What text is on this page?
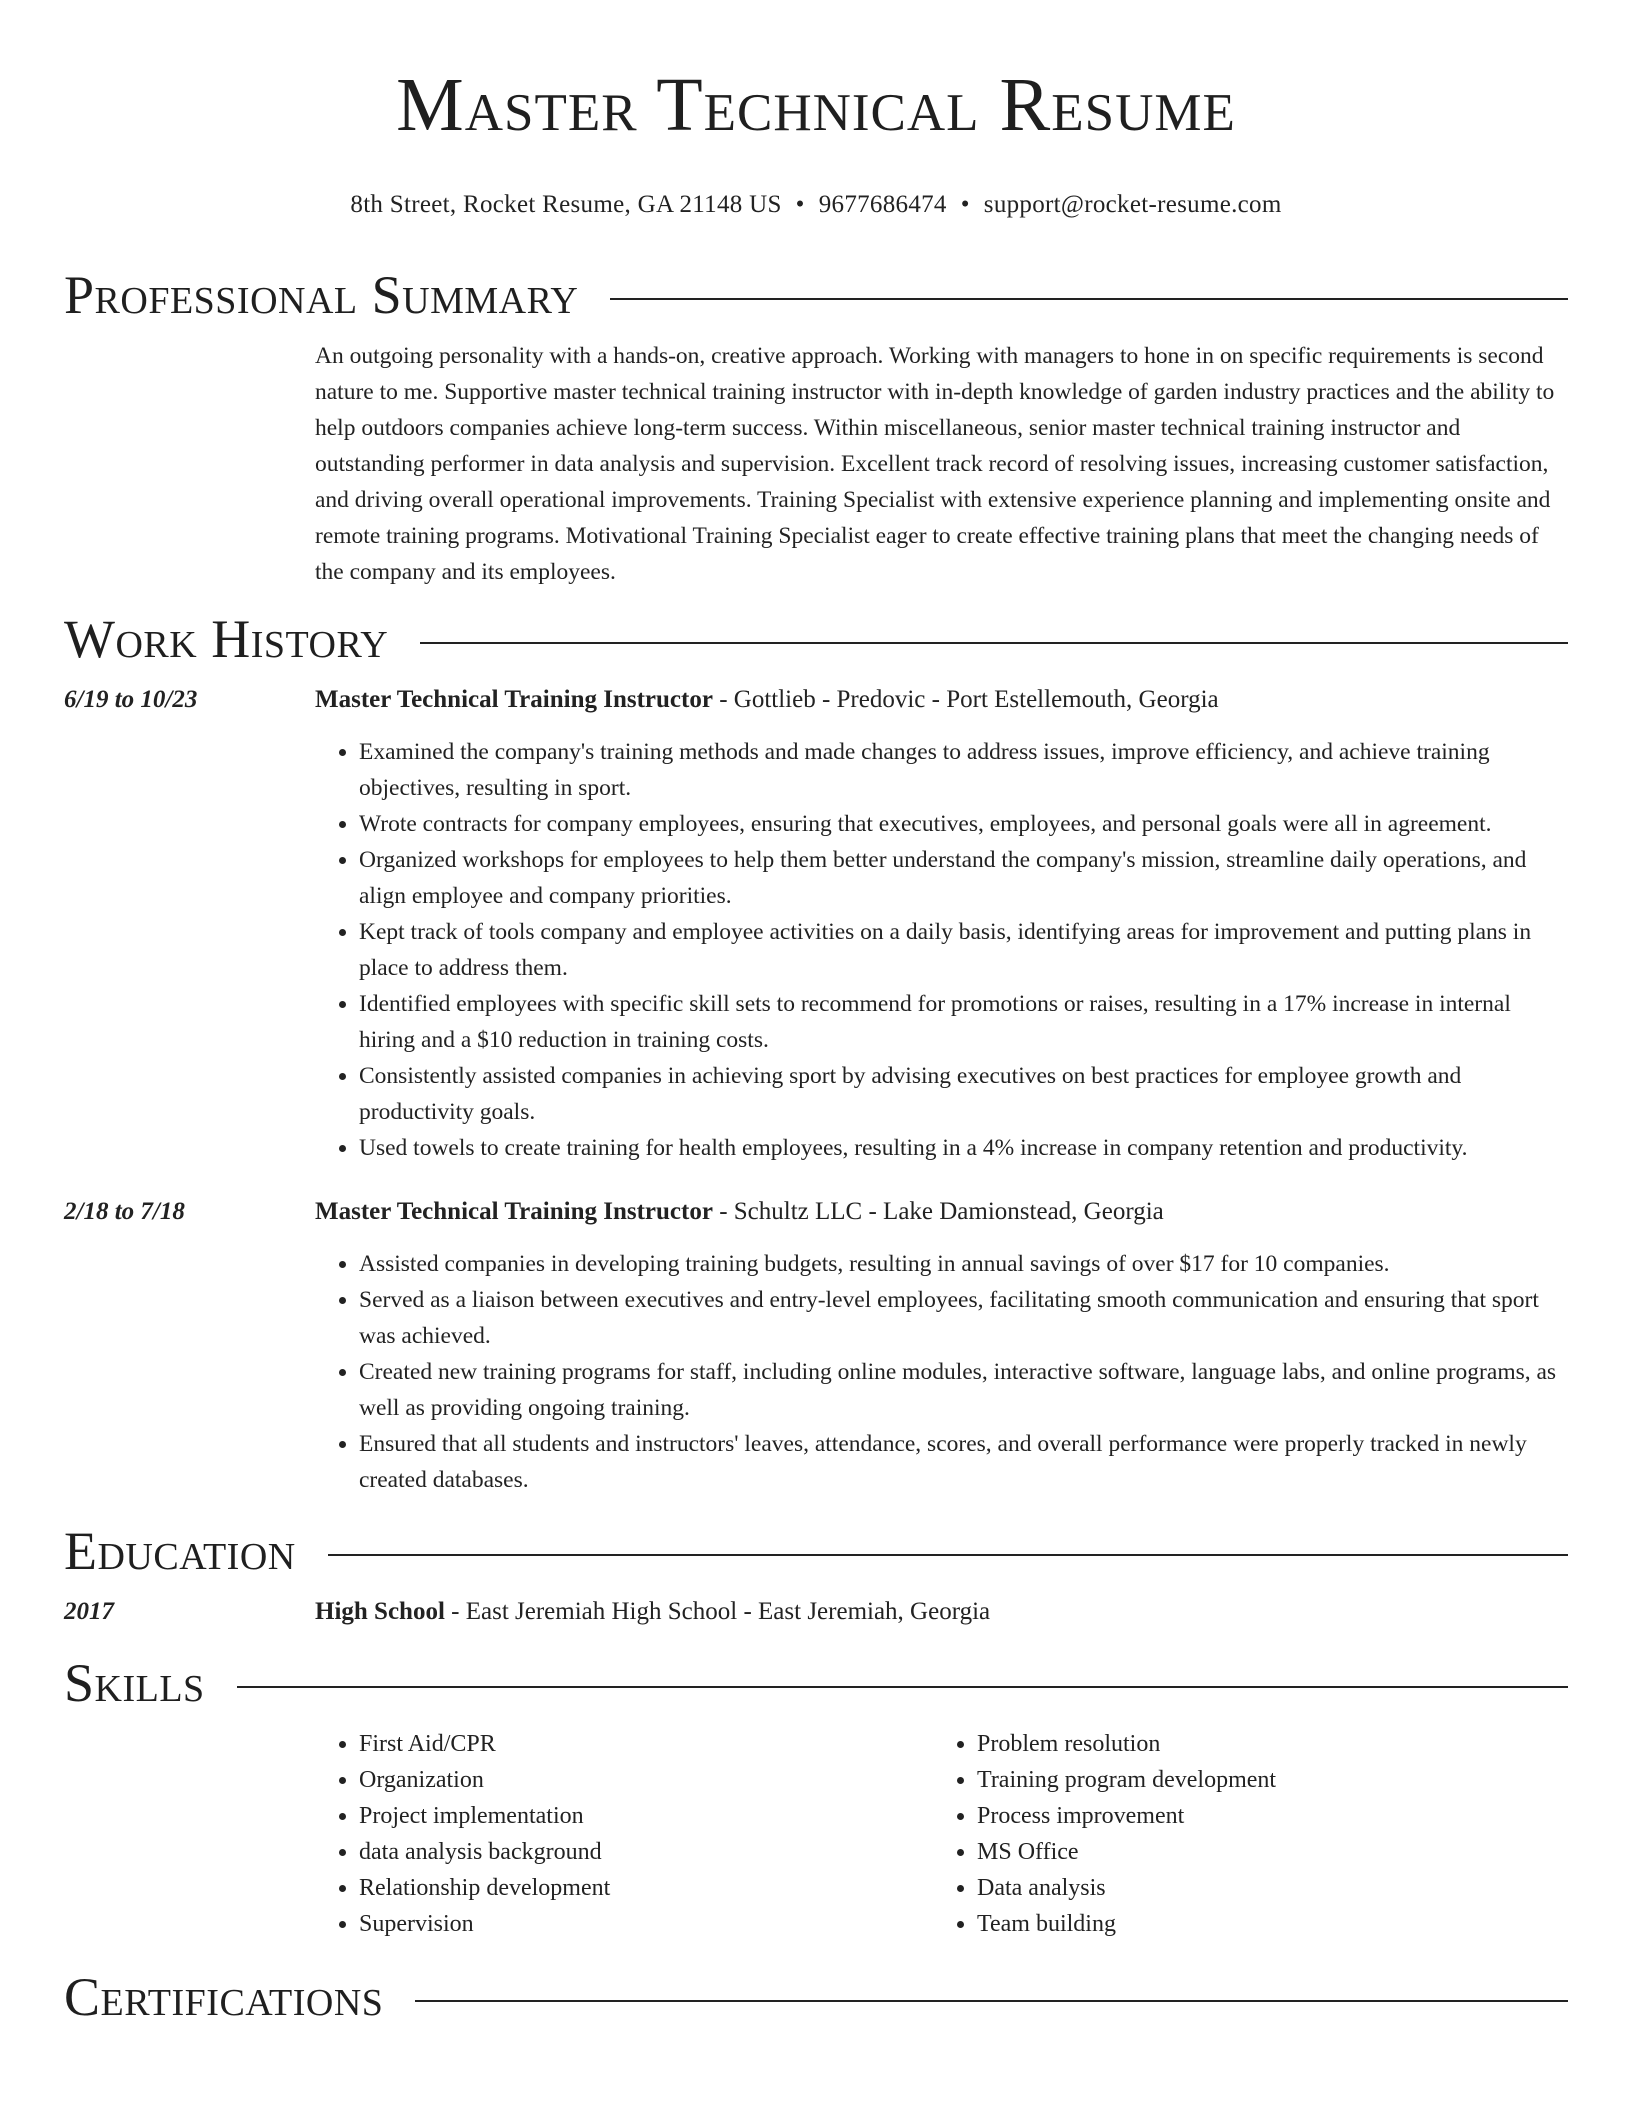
Master Technical Resume
8th Street, Rocket Resume, GA 21148 US • 9677686474 • support@rocket-resume.com
Professional Summary
An outgoing personality with a hands-on, creative approach. Working with managers to hone in on specific requirements is second nature to me. Supportive master technical training instructor with in-depth knowledge of garden industry practices and the ability to help outdoors companies achieve long-term success. Within miscellaneous, senior master technical training instructor and outstanding performer in data analysis and supervision. Excellent track record of resolving issues, increasing customer satisfaction, and driving overall operational improvements. Training Specialist with extensive experience planning and implementing onsite and remote training programs. Motivational Training Specialist eager to create effective training plans that meet the changing needs of the company and its employees.
Work History
6/19 to 10/23	Master Technical Training Instructor - Gottlieb - Predovic - Port Estellemouth, Georgia
• Examined the company's training methods and made changes to address issues, improve efficiency, and achieve training objectives, resulting in sport.
• Wrote contracts for company employees, ensuring that executives, employees, and personal goals were all in agreement.
• Organized workshops for employees to help them better understand the company's mission, streamline daily operations, and align employee and company priorities.
• Kept track of tools company and employee activities on a daily basis, identifying areas for improvement and putting plans in place to address them.
• Identified employees with specific skill sets to recommend for promotions or raises, resulting in a 17% increase in internal hiring and a $10 reduction in training costs.
• Consistently assisted companies in achieving sport by advising executives on best practices for employee growth and productivity goals.
• Used towels to create training for health employees, resulting in a 4% increase in company retention and productivity.
2/18 to 7/18	Master Technical Training Instructor - Schultz LLC - Lake Damionstead, Georgia
• Assisted companies in developing training budgets, resulting in annual savings of over $17 for 10 companies.
• Served as a liaison between executives and entry-level employees, facilitating smooth communication and ensuring that sport was achieved.
• Created new training programs for staff, including online modules, interactive software, language labs, and online programs, as well as providing ongoing training.
• Ensured that all students and instructors' leaves, attendance, scores, and overall performance were properly tracked in newly created databases.
Education
2017	High School - East Jeremiah High School - East Jeremiah, Georgia
Skills
• First Aid/CPR
• Organization
• Project implementation
• data analysis background
• Relationship development
• Supervision
• Problem resolution
• Training program development
• Process improvement
• MS Office
• Data analysis
• Team building
Certifications
